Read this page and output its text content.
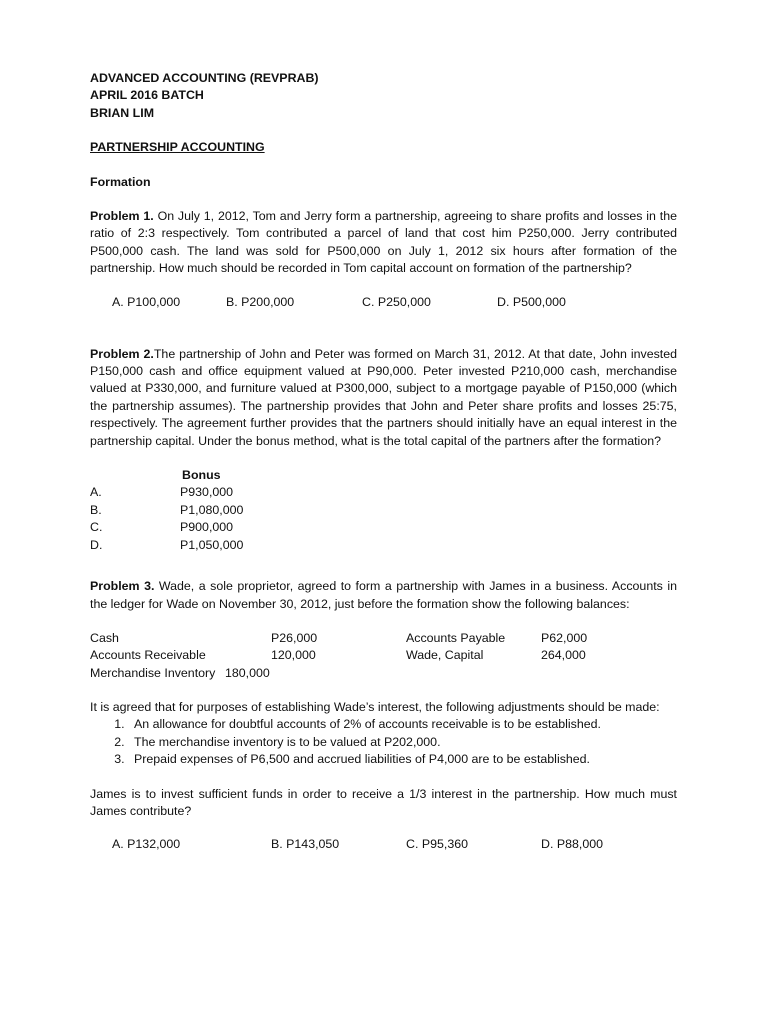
ADVANCED ACCOUNTING (REVPRAB)
APRIL 2016 BATCH
BRIAN LIM
PARTNERSHIP ACCOUNTING
Formation
Problem 1. On July 1, 2012, Tom and Jerry form a partnership, agreeing to share profits and losses in the ratio of 2:3 respectively. Tom contributed a parcel of land that cost him P250,000. Jerry contributed P500,000 cash. The land was sold for P500,000 on July 1, 2012 six hours after formation of the partnership. How much should be recorded in Tom capital account on formation of the partnership?
A. P100,000	B. P200,000	C. P250,000	D. P500,000
Problem 2.The partnership of John and Peter was formed on March 31, 2012. At that date, John invested P150,000 cash and office equipment valued at P90,000. Peter invested P210,000 cash, merchandise valued at P330,000, and furniture valued at P300,000, subject to a mortgage payable of P150,000 (which the partnership assumes). The partnership provides that John and Peter share profits and losses 25:75, respectively. The agreement further provides that the partners should initially have an equal interest in the partnership capital. Under the bonus method, what is the total capital of the partners after the formation?
Bonus
A.	P930,000
B.	P1,080,000
C.	P900,000
D.	P1,050,000
Problem 3. Wade, a sole proprietor, agreed to form a partnership with James in a business. Accounts in the ledger for Wade on November 30, 2012, just before the formation show the following balances:
Cash	P26,000	Accounts Payable	P62,000
Accounts Receivable	120,000	Wade, Capital	264,000
Merchandise Inventory 180,000
It is agreed that for purposes of establishing Wade’s interest, the following adjustments should be made:
1. An allowance for doubtful accounts of 2% of accounts receivable is to be established.
2. The merchandise inventory is to be valued at P202,000.
3. Prepaid expenses of P6,500 and accrued liabilities of P4,000 are to be established.
James is to invest sufficient funds in order to receive a 1/3 interest in the partnership. How much must James contribute?
A. P132,000	B. P143,050	C. P95,360	D. P88,000
